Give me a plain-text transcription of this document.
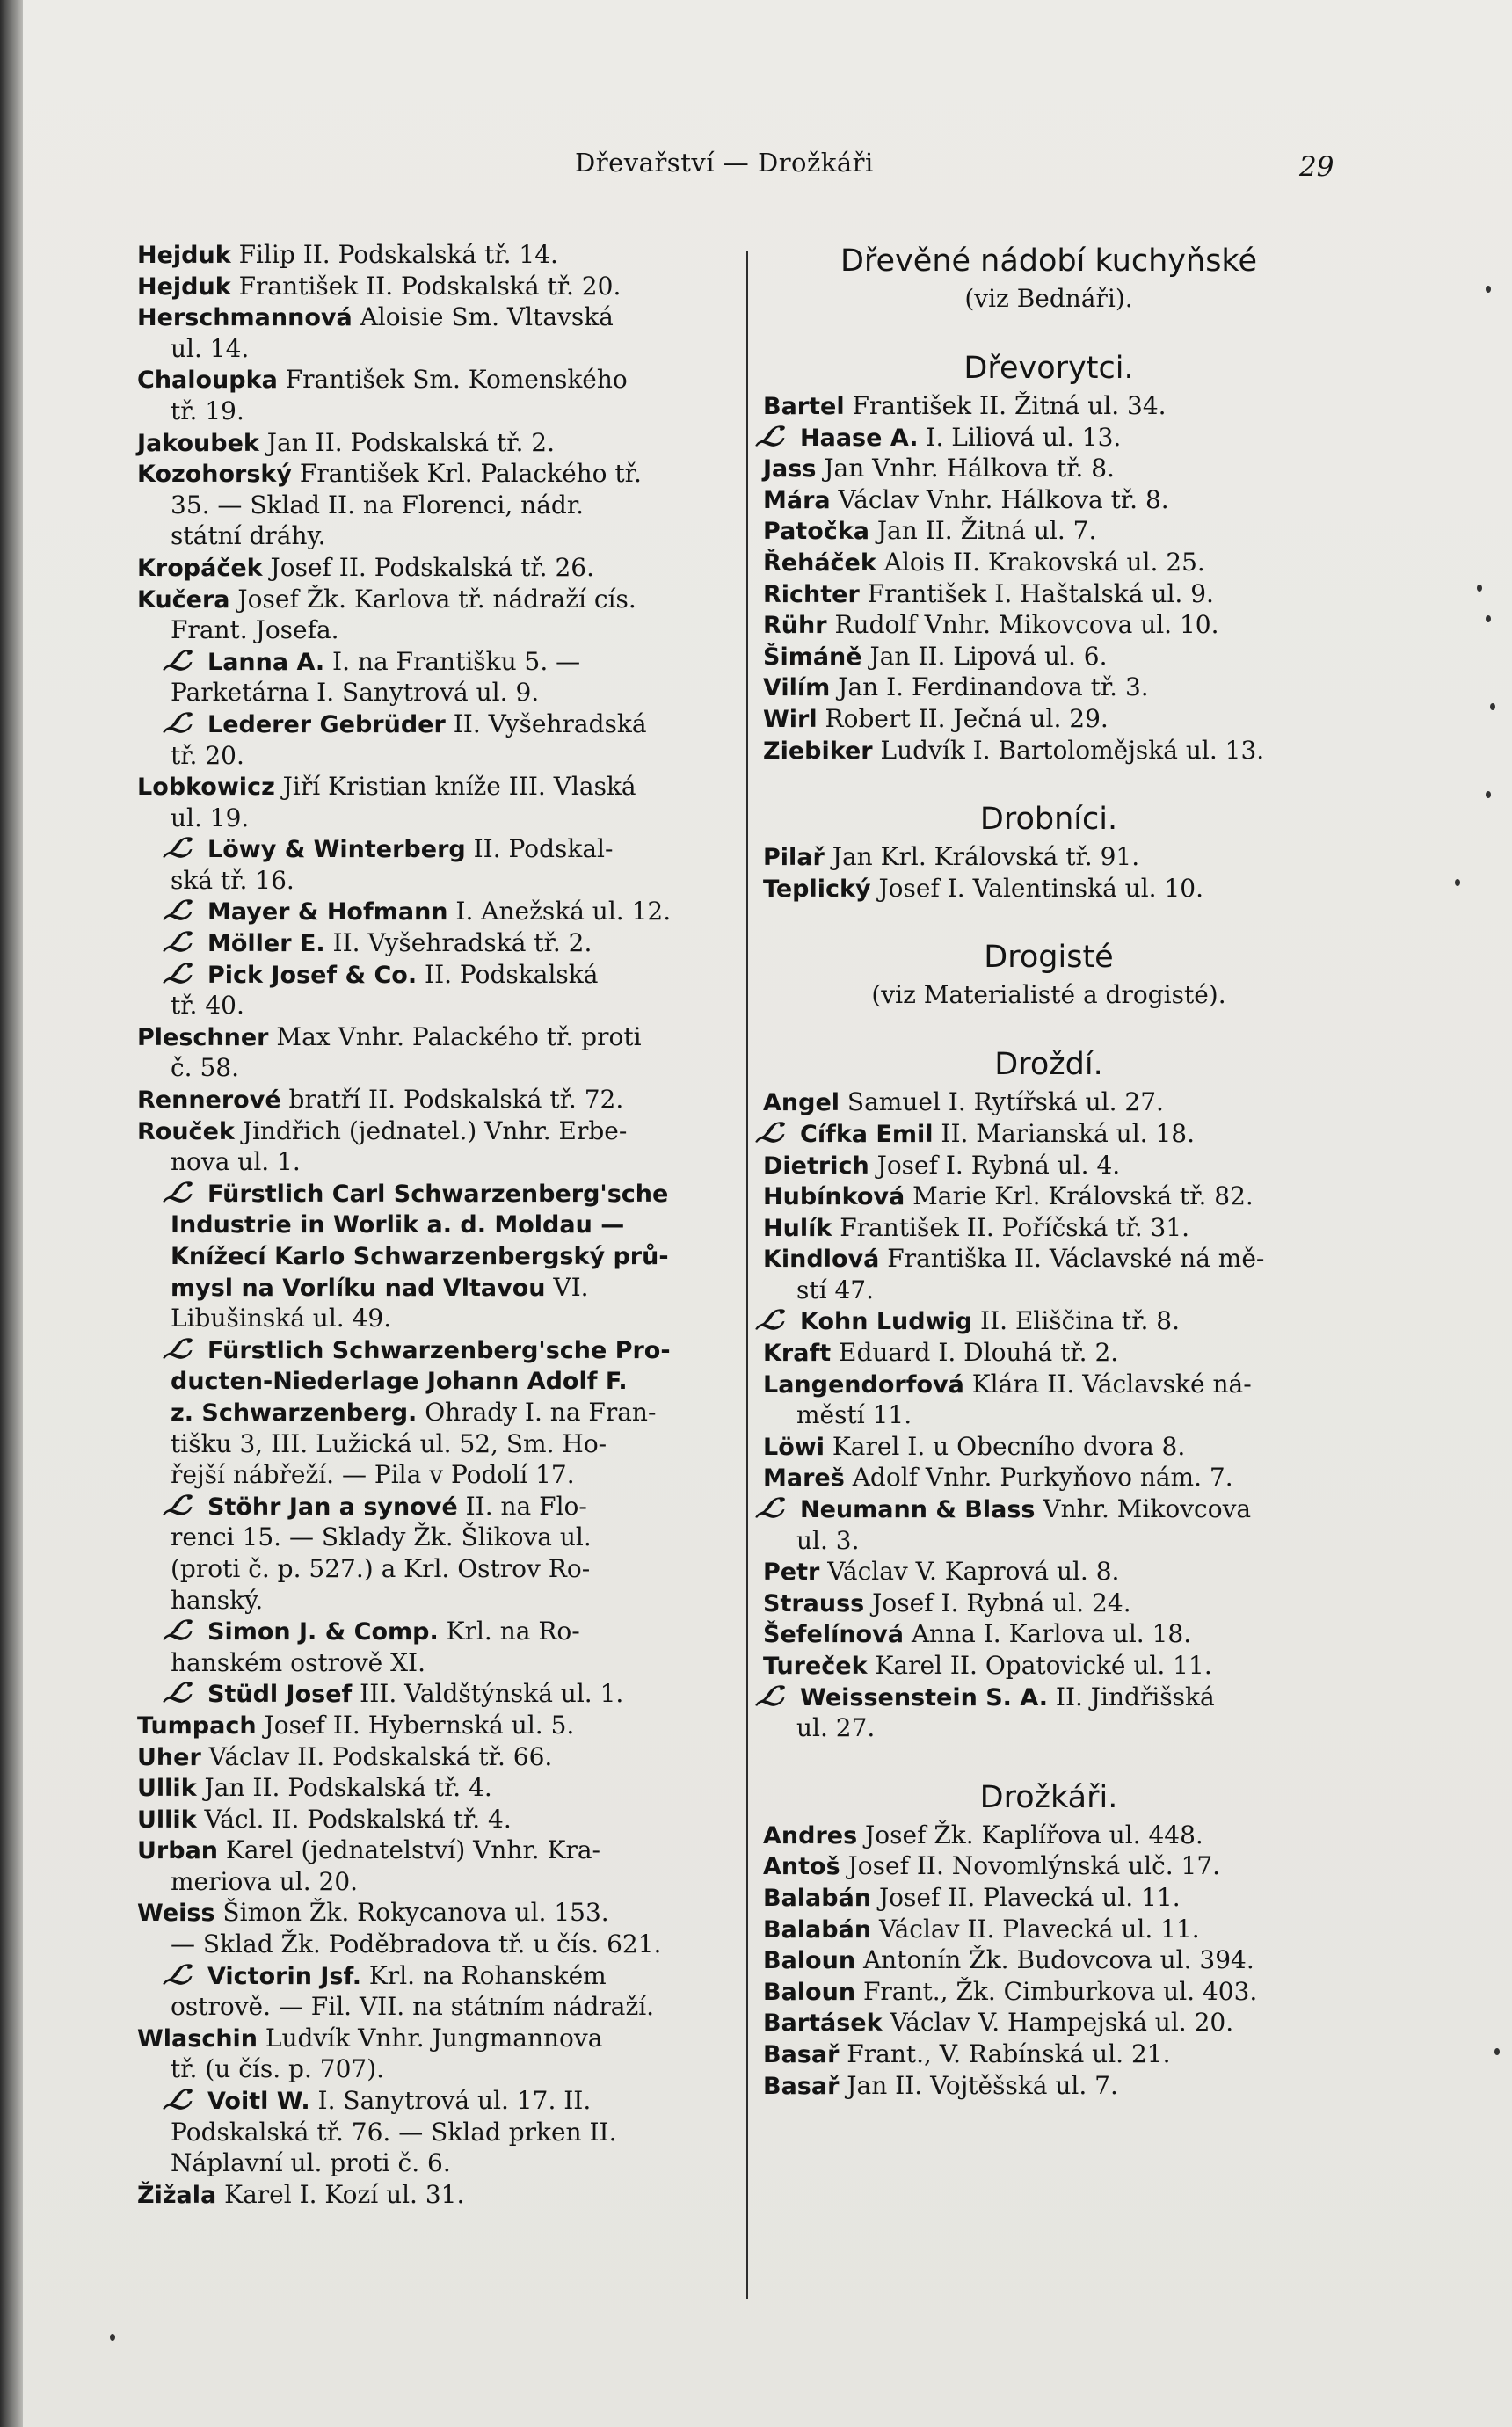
Dřevařství — Drožkáři	29
Hejduk Filip II. Podskalská tř. 14.
Hejduk František II. Podskalská tř. 20.
Herschmannová Aloisie Sm. Vltavská
ul. 14.
Chaloupka František Sm. Komenského
tř. 19.
Jakoubek Jan II. Podskalská tř. 2.
Kozohorský František Krl. Palackého tř.
35. — Sklad II. na Florenci, nádr.
státní dráhy.
Kropáček Josef II. Podskalská tř. 26.
Kučera Josef Žk. Karlova tř. nádraží cís.
Frant. Josefa.
ℒ Lanna A. I. na Františku 5. —
Parketárna I. Sanytrová ul. 9.
ℒ Lederer Gebrüder II. Vyšehradská
tř. 20.
Lobkowicz Jiří Kristian kníže III. Vlaská
ul. 19.
ℒ Löwy & Winterberg II. Podskal-
ská tř. 16.
ℒ Mayer & Hofmann I. Anežská ul. 12.
ℒ Möller E. II. Vyšehradská tř. 2.
ℒ Pick Josef & Co. II. Podskalská
tř. 40.
Pleschner Max Vnhr. Palackého tř. proti
č. 58.
Rennerové bratří II. Podskalská tř. 72.
Rouček Jindřich (jednatel.) Vnhr. Erbe-
nova ul. 1.
ℒ Fürstlich Carl Schwarzenberg'sche
Industrie in Worlik a. d. Moldau —
Knížecí Karlo Schwarzenbergský prů-
mysl na Vorlíku nad Vltavou VI.
Libušinská ul. 49.
ℒ Fürstlich Schwarzenberg'sche Pro-
ducten-Niederlage Johann Adolf F.
z. Schwarzenberg. Ohrady I. na Fran-
tišku 3, III. Lužická ul. 52, Sm. Ho-
řejší nábřeží. — Pila v Podolí 17.
ℒ Stöhr Jan a synové II. na Flo-
renci 15. — Sklady Žk. Šlikova ul.
(proti č. p. 527.) a Krl. Ostrov Ro-
hanský.
ℒ Simon J. & Comp. Krl. na Ro-
hanském ostrově XI.
ℒ Stüdl Josef III. Valdštýnská ul. 1.
Tumpach Josef II. Hybernská ul. 5.
Uher Václav II. Podskalská tř. 66.
Ullik Jan II. Podskalská tř. 4.
Ullik Václ. II. Podskalská tř. 4.
Urban Karel (jednatelství) Vnhr. Kra-
meriova ul. 20.
Weiss Šimon Žk. Rokycanova ul. 153.
— Sklad Žk. Poděbradova tř. u čís. 621.
ℒ Victorin Jsf. Krl. na Rohanském
ostrově. — Fil. VII. na státním nádraží.
Wlaschin Ludvík Vnhr. Jungmannova
tř. (u čís. p. 707).
ℒ Voitl W. I. Sanytrová ul. 17. II.
Podskalská tř. 76. — Sklad prken II.
Náplavní ul. proti č. 6.
Žižala Karel I. Kozí ul. 31.
Dřevěné nádobí kuchyňské
(viz Bednáři).
Dřevorytci.
Bartel František II. Žitná ul. 34.
ℒ Haase A. I. Liliová ul. 13.
Jass Jan Vnhr. Hálkova tř. 8.
Mára Václav Vnhr. Hálkova tř. 8.
Patočka Jan II. Žitná ul. 7.
Řeháček Alois II. Krakovská ul. 25.
Richter František I. Haštalská ul. 9.
Rühr Rudolf Vnhr. Mikovcova ul. 10.
Šimáně Jan II. Lipová ul. 6.
Vilím Jan I. Ferdinandova tř. 3.
Wirl Robert II. Ječná ul. 29.
Ziebiker Ludvík I. Bartolomějská ul. 13.
Drobníci.
Pilař Jan Krl. Královská tř. 91.
Teplický Josef I. Valentinská ul. 10.
Drogisté
(viz Materialisté a drogisté).
Droždí.
Angel Samuel I. Rytířská ul. 27.
ℒ Cífka Emil II. Marianská ul. 18.
Dietrich Josef I. Rybná ul. 4.
Hubínková Marie Krl. Královská tř. 82.
Hulík František II. Poříčská tř. 31.
Kindlová Františka II. Václavské ná mě-
stí 47.
ℒ Kohn Ludwig II. Eliščina tř. 8.
Kraft Eduard I. Dlouhá tř. 2.
Langendorfová Klára II. Václavské ná-
městí 11.
Löwi Karel I. u Obecního dvora 8.
Mareš Adolf Vnhr. Purkyňovo nám. 7.
ℒ Neumann & Blass Vnhr. Mikovcova
ul. 3.
Petr Václav V. Kaprová ul. 8.
Strauss Josef I. Rybná ul. 24.
Šefelínová Anna I. Karlova ul. 18.
Tureček Karel II. Opatovické ul. 11.
ℒ Weissenstein S. A. II. Jindřišská
ul. 27.
Drožkáři.
Andres Josef Žk. Kaplířova ul. 448.
Antoš Josef II. Novomlýnská ulč. 17.
Balabán Josef II. Plavecká ul. 11.
Balabán Václav II. Plavecká ul. 11.
Baloun Antonín Žk. Budovcova ul. 394.
Baloun Frant., Žk. Cimburkova ul. 403.
Bartásek Václav V. Hampejská ul. 20.
Basař Frant., V. Rabínská ul. 21.
Basař Jan II. Vojtěšská ul. 7.
